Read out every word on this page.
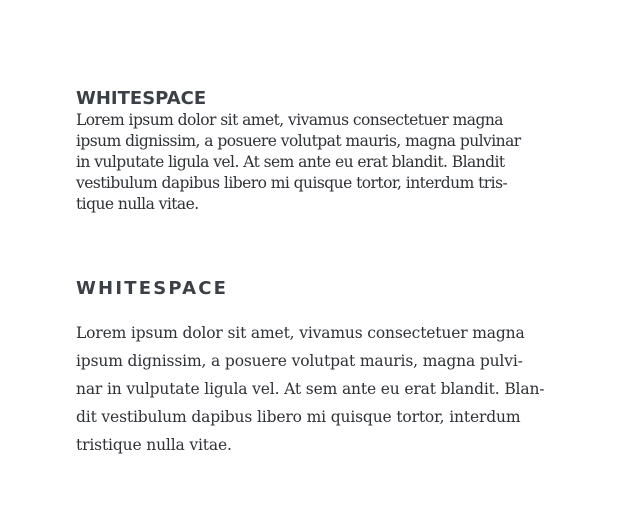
WHITESPACE

Lorem ipsum dolor sit amet, vivamus consectetuer magna
ipsum dignissim, a posuere volutpat mauris, magna pulvinar
in vulputate ligula vel. At sem ante eu erat blandit. Blandit
vestibulum dapibus libero mi quisque tortor, interdum tris-
tique nulla vitae.

WHITESPACE

Lorem ipsum dolor sit amet, vivamus consectetuer magna
ipsum dignissim, a posuere volutpat mauris, magna pulvi-
nar in vulputate ligula vel. At sem ante eu erat blandit. Blan-
dit vestibulum dapibus libero mi quisque tortor, interdum
tristique nulla vitae.
